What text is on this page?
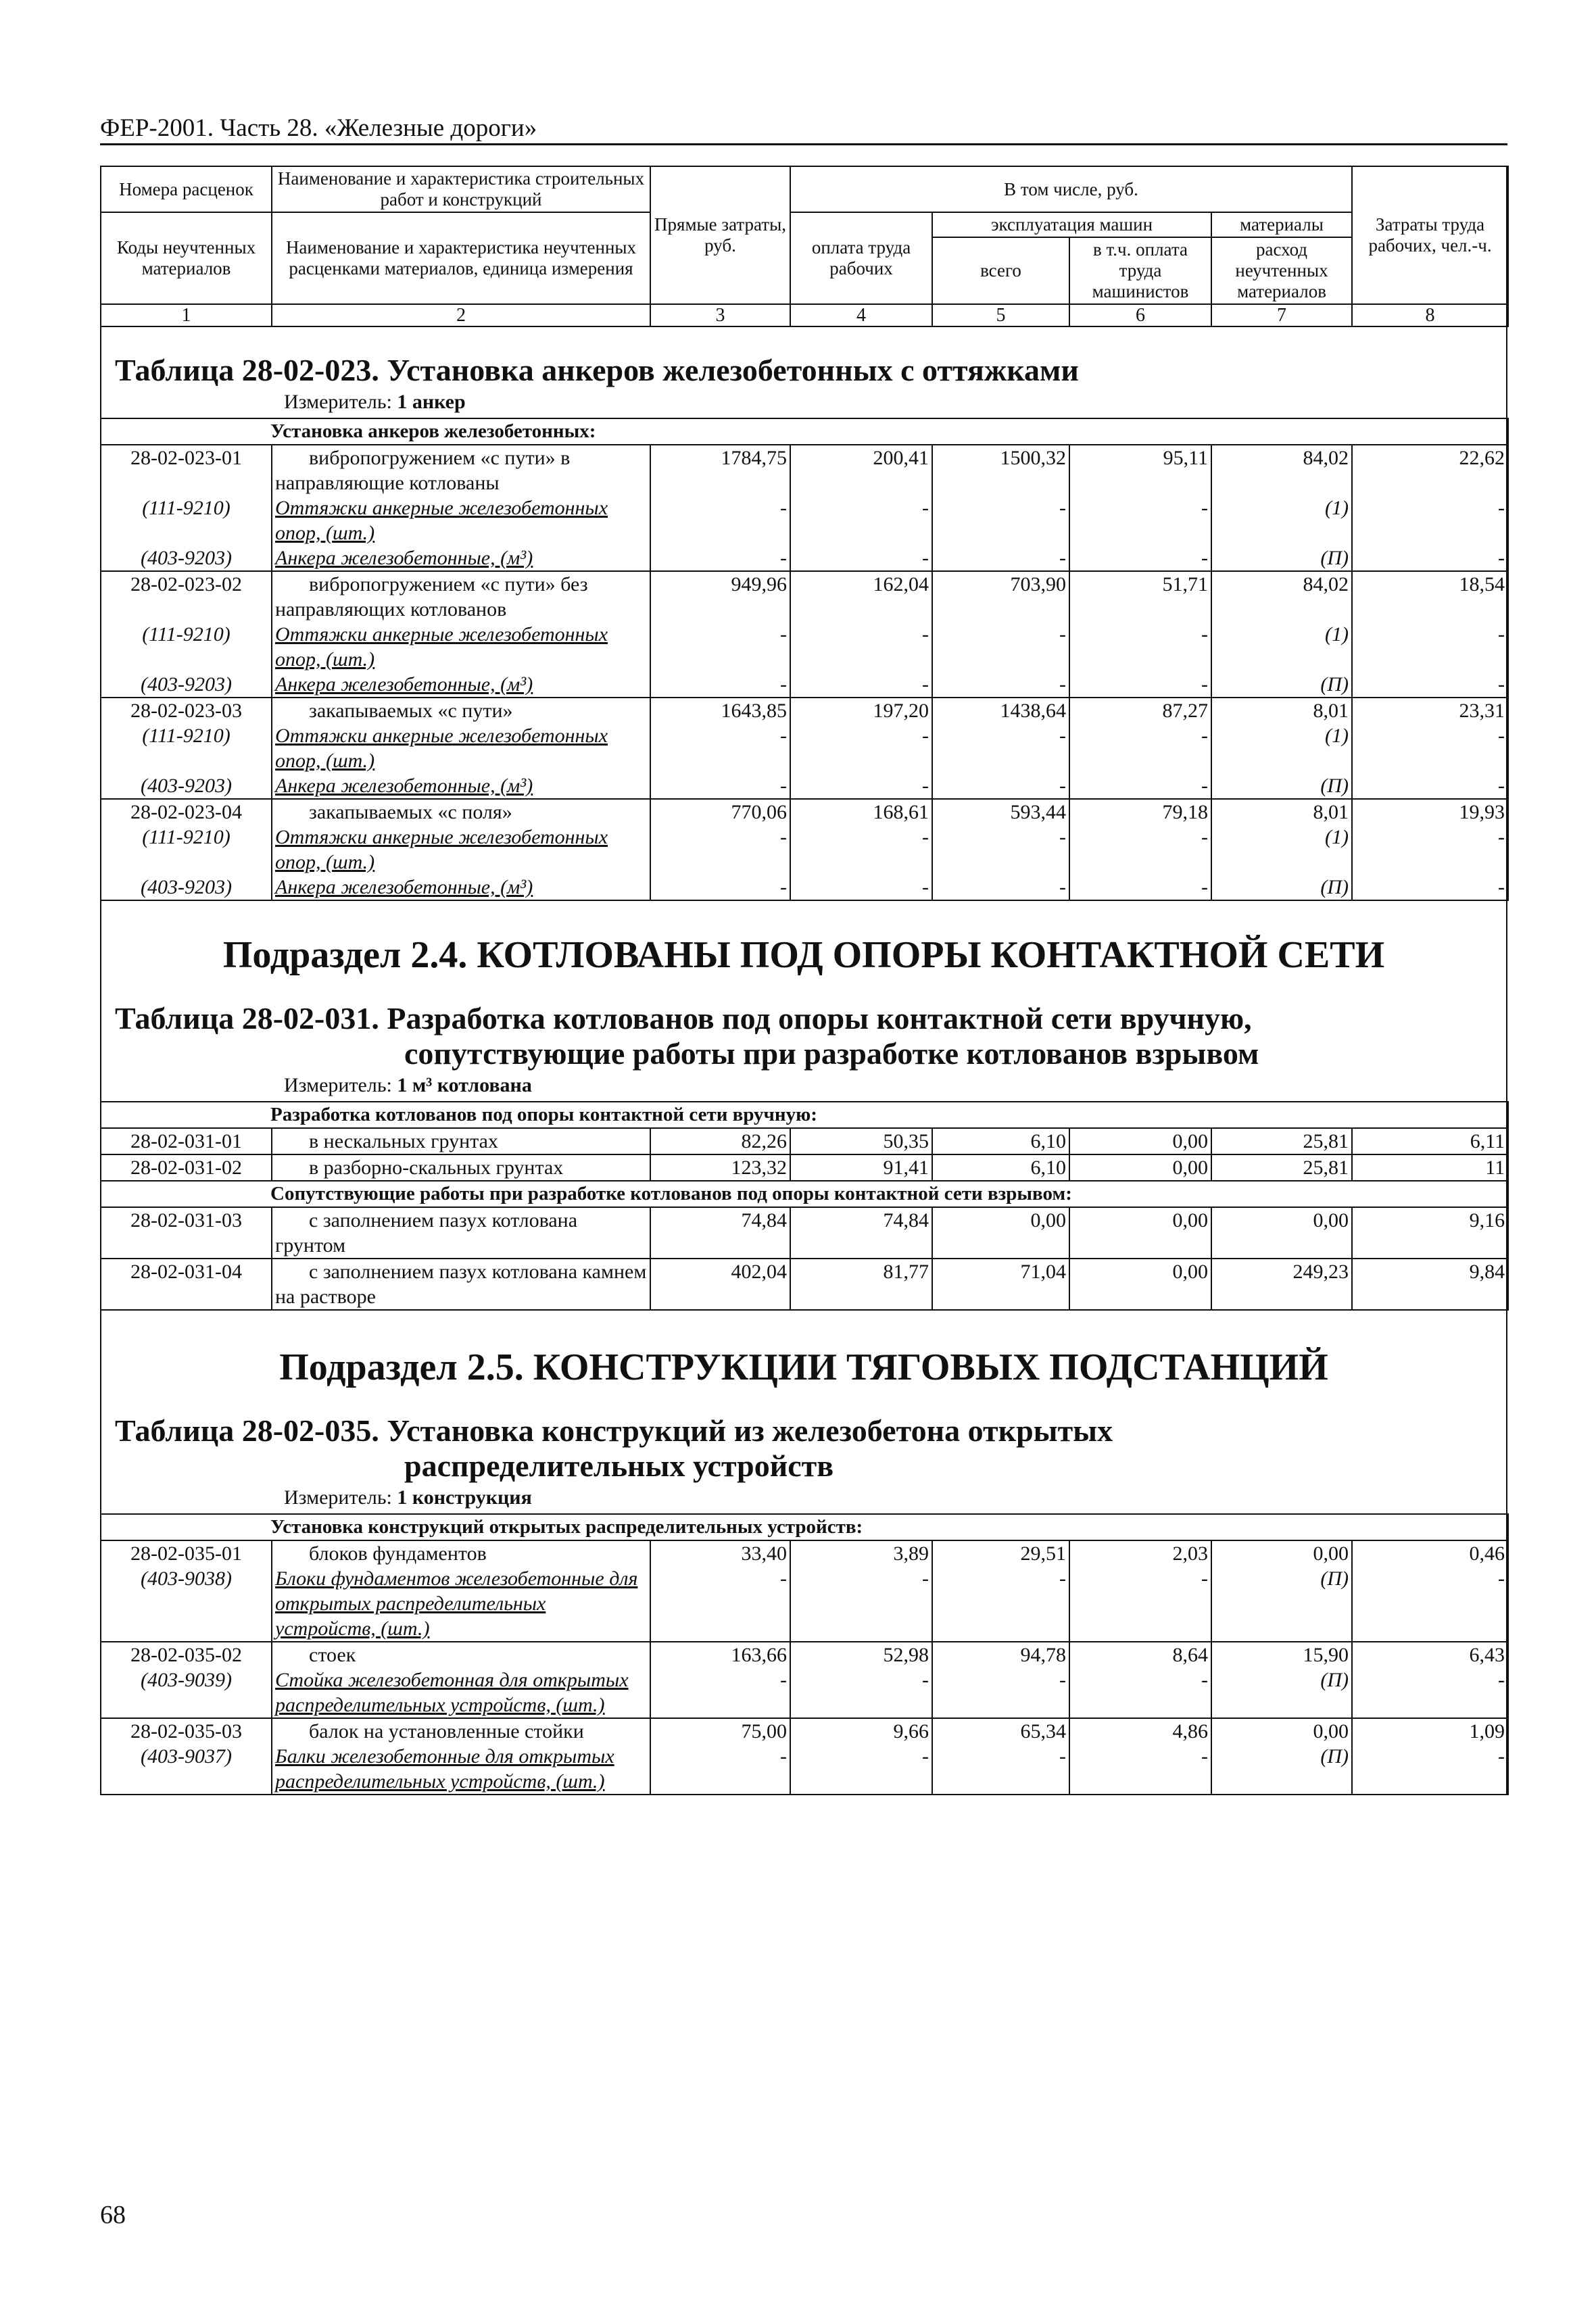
ФЕР-2001. Часть 28. «Железные дороги»
Номера расценок	Наименование и характеристика строительных работ и конструкций	Прямые затраты, руб.	В том числе, руб.				Затраты труда рабочих, чел.-ч.
Коды неучтенных материалов	Наименование и характеристика неучтенных расценками материалов, единица измерения		оплата труда рабочих	эксплуатация машин		материалы	
				всего	в т.ч. оплата труда машинистов	расход неучтенных материалов	
1	2	3	4	5	6	7	8

Таблица 28-02-023. Установка анкеров железобетонных с оттяжками

Измеритель: 1 анкер

Установка анкеров железобетонных:							
28-02-023-01	вибропогружением «с пути» в направляющие котлованы	1784,75	200,41	1500,32	95,11	84,02	22,62
(111-9210)	Оттяжки анкерные железобетонных опор, (шт.)	-	-	-	-	(1)	-
(403-9203)	Анкера железобетонные, (м³)	-	-	-	-	(П)	-
28-02-023-02	вибропогружением «с пути» без направляющих котлованов	949,96	162,04	703,90	51,71	84,02	18,54
(111-9210)	Оттяжки анкерные железобетонных опор, (шт.)	-	-	-	-	(1)	-
(403-9203)	Анкера железобетонные, (м³)	-	-	-	-	(П)	-
28-02-023-03	закапываемых «с пути»	1643,85	197,20	1438,64	87,27	8,01	23,31
(111-9210)	Оттяжки анкерные железобетонных опор, (шт.)	-	-	-	-	(1)	-
(403-9203)	Анкера железобетонные, (м³)	-	-	-	-	(П)	-
28-02-023-04	закапываемых «с поля»	770,06	168,61	593,44	79,18	8,01	19,93
(111-9210)	Оттяжки анкерные железобетонных опор, (шт.)	-	-	-	-	(1)	-
(403-9203)	Анкера железобетонные, (м³)	-	-	-	-	(П)	-

Подраздел 2.4. КОТЛОВАНЫ ПОД ОПОРЫ КОНТАКТНОЙ СЕТИ

Таблица 28-02-031. Разработка котлованов под опоры контактной сети вручную,

сопутствующие работы при разработке котлованов взрывом

Измеритель: 1 м³ котлована

Разработка котлованов под опоры контактной сети вручную:							
28-02-031-01	в нескальных грунтах	82,26	50,35	6,10	0,00	25,81	6,11
28-02-031-02	в разборно-скальных грунтах	123,32	91,41	6,10	0,00	25,81	11
Сопутствующие работы при разработке котлованов под опоры контактной сети взрывом:							
28-02-031-03	с заполнением пазух котлована грунтом	74,84	74,84	0,00	0,00	0,00	9,16
28-02-031-04	с заполнением пазух котлована камнем на растворе	402,04	81,77	71,04	0,00	249,23	9,84

Подраздел 2.5. КОНСТРУКЦИИ ТЯГОВЫХ ПОДСТАНЦИЙ

Таблица 28-02-035. Установка конструкций из железобетона открытых

распределительных устройств

Измеритель: 1 конструкция

Установка конструкций открытых распределительных устройств:							
28-02-035-01	блоков фундаментов	33,40	3,89	29,51	2,03	0,00	0,46
(403-9038)	Блоки фундаментов железобетонные для открытых распределительных устройств, (шт.)	-	-	-	-	(П)	-
28-02-035-02	стоек	163,66	52,98	94,78	8,64	15,90	6,43
(403-9039)	Стойка железобетонная для открытых распределительных устройств, (шт.)	-	-	-	-	(П)	-
28-02-035-03	балок на установленные стойки	75,00	9,66	65,34	4,86	0,00	1,09
(403-9037)	Балки железобетонные для открытых распределительных устройств, (шт.)	-	-	-	-	(П)	-
68
